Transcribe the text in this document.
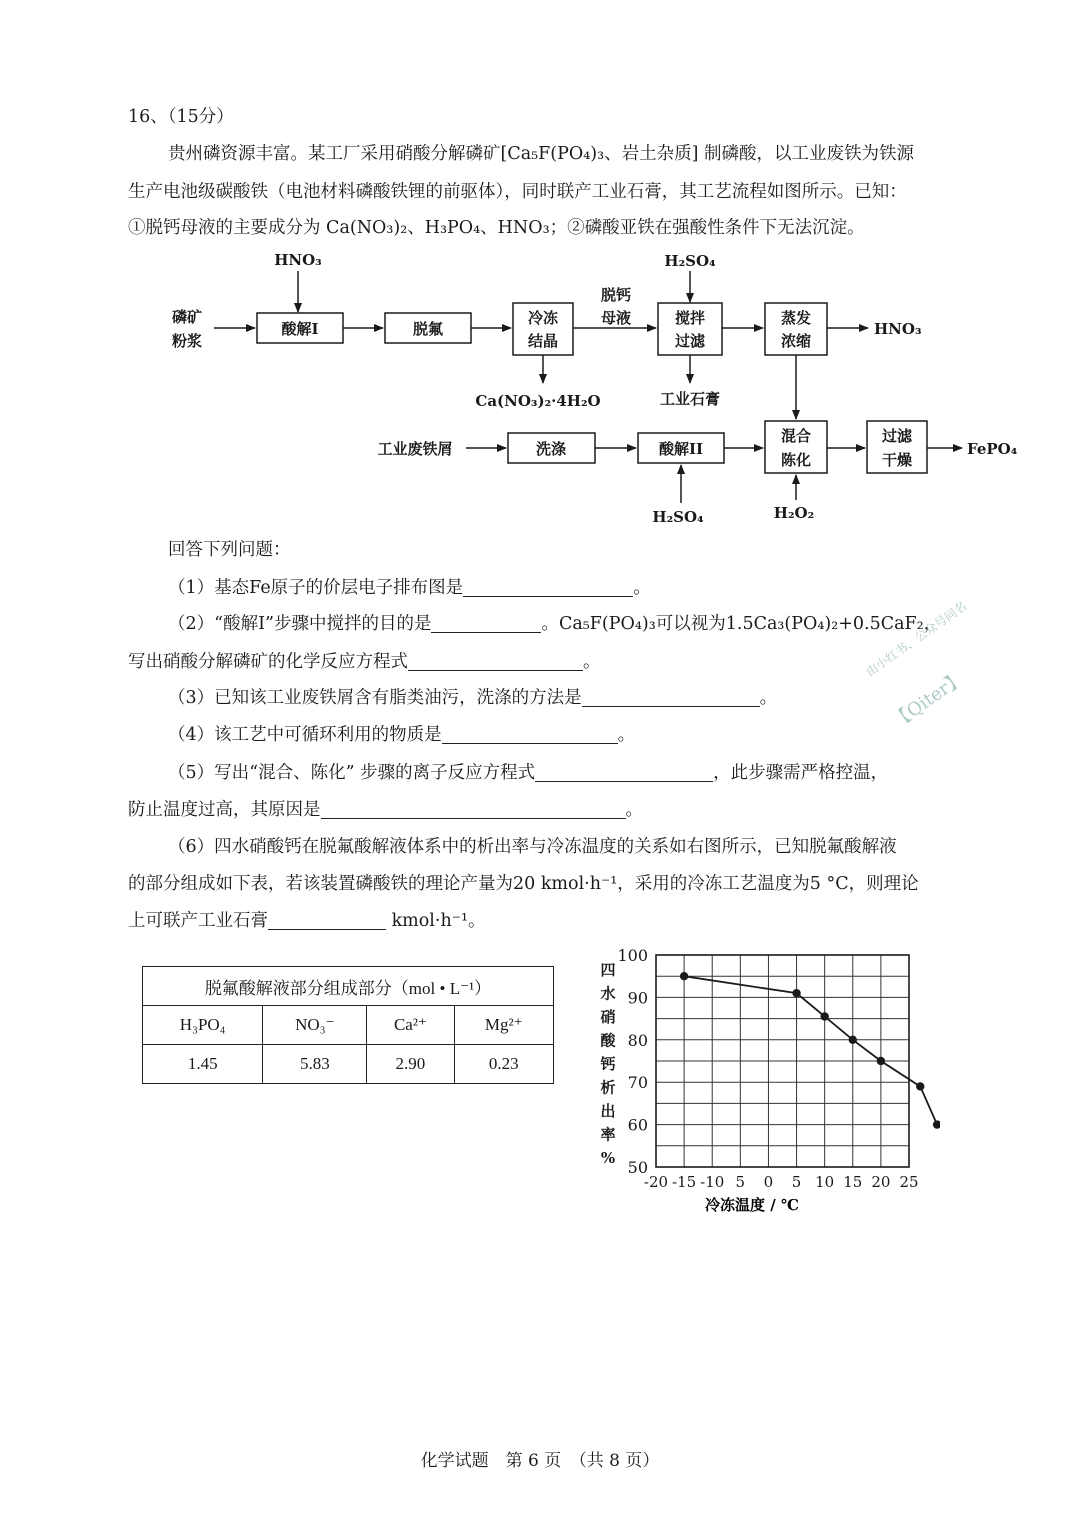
16、（15分）
贵州磷资源丰富。某工厂采用硝酸分解磷矿[Ca₅F(PO₄)₃、岩土杂质] 制磷酸，以工业废铁为铁源
生产电池级碳酸铁（电池材料磷酸铁锂的前驱体），同时联产工业石膏，其工艺流程如图所示。已知：
①脱钙母液的主要成分为 Ca(NO₃)₂、H₃PO₄、HNO₃；②磷酸亚铁在强酸性条件下无法沉淀。
HNO₃
磷矿
粉浆
酸解I	脱氟
冷冻
结晶
脱钙
母液
H₂SO₄
搅拌
过滤
蒸发
浓缩
HNO₃
Ca(NO₃)₂·4H₂O	工业石膏
工业废铁屑	洗涤	酸解II
混合
陈化
过滤
干燥
FePO₄
H₂SO₄	H₂O₂
回答下列问题：
（1）基态Fe原子的价层电子排布图是	。
（2）“酸解I”步骤中搅拌的目的是	。Ca₅F(PO₄)₃可以视为1.5Ca₃(PO₄)₂+0.5CaF₂，
写出硝酸分解磷矿的化学反应方程式	。
（3）已知该工业废铁屑含有脂类油污，洗涤的方法是	。
（4）该工艺中可循环利用的物质是	。
（5）写出“混合、陈化” 步骤的离子反应方程式	，此步骤需严格控温，
防止温度过高，其原因是	。
（6）四水硝酸钙在脱氟酸解液体系中的析出率与冷冻温度的关系如右图所示，已知脱氟酸解液
的部分组成如下表，若该装置磷酸铁的理论产量为20 kmol·h⁻¹，采用的冷冻工艺温度为5 °C，则理论
上可联产工业石膏	kmol·h⁻¹。
脱氟酸解液部分组成部分（mol • L⁻¹）			
H₃PO₄	NO₃⁻	Ca²⁺	Mg²⁺
1.45	5.83	2.90	0.23
50
60
70
80
90
100
-20 -15 -10 5 0 5 10 15 20 25
四
水
硝
酸
钙
析
出
率
%
冷冻温度 / ℃
由小红书、公众号同名
【Qiter】
化学试题　第 6 页　（共 8 页）
